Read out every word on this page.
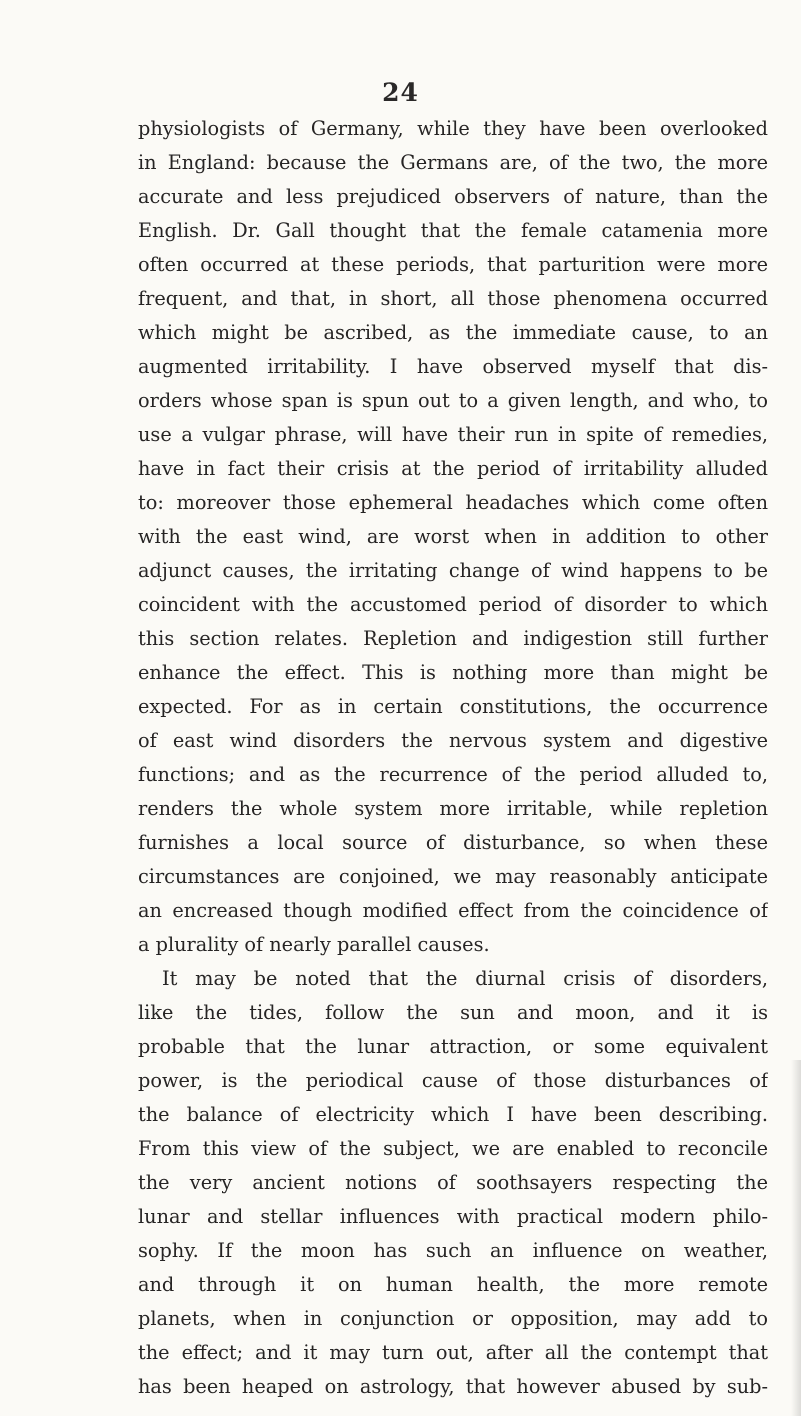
24
physiologists of Germany, while they have been overlooked
in England: because the Germans are, of the two, the more
accurate and less prejudiced observers of nature, than the
English. Dr. Gall thought that the female catamenia more
often occurred at these periods, that parturition were more
frequent, and that, in short, all those phenomena occurred
which might be ascribed, as the immediate cause, to an
augmented irritability. I have observed myself that dis-
orders whose span is spun out to a given length, and who, to
use a vulgar phrase, will have their run in spite of remedies,
have in fact their crisis at the period of irritability alluded
to: moreover those ephemeral headaches which come often
with the east wind, are worst when in addition to other
adjunct causes, the irritating change of wind happens to be
coincident with the accustomed period of disorder to which
this section relates. Repletion and indigestion still further
enhance the effect. This is nothing more than might be
expected. For as in certain constitutions, the occurrence
of east wind disorders the nervous system and digestive
functions; and as the recurrence of the period alluded to,
renders the whole system more irritable, while repletion
furnishes a local source of disturbance, so when these
circumstances are conjoined, we may reasonably anticipate
an encreased though modified effect from the coincidence of
a plurality of nearly parallel causes.
It may be noted that the diurnal crisis of disorders,
like the tides, follow the sun and moon, and it is
probable that the lunar attraction, or some equivalent
power, is the periodical cause of those disturbances of
the balance of electricity which I have been describing.
From this view of the subject, we are enabled to reconcile
the very ancient notions of soothsayers respecting the
lunar and stellar influences with practical modern philo-
sophy. If the moon has such an influence on weather,
and through it on human health, the more remote
planets, when in conjunction or opposition, may add to
the effect; and it may turn out, after all the contempt that
has been heaped on astrology, that however abused by sub-
